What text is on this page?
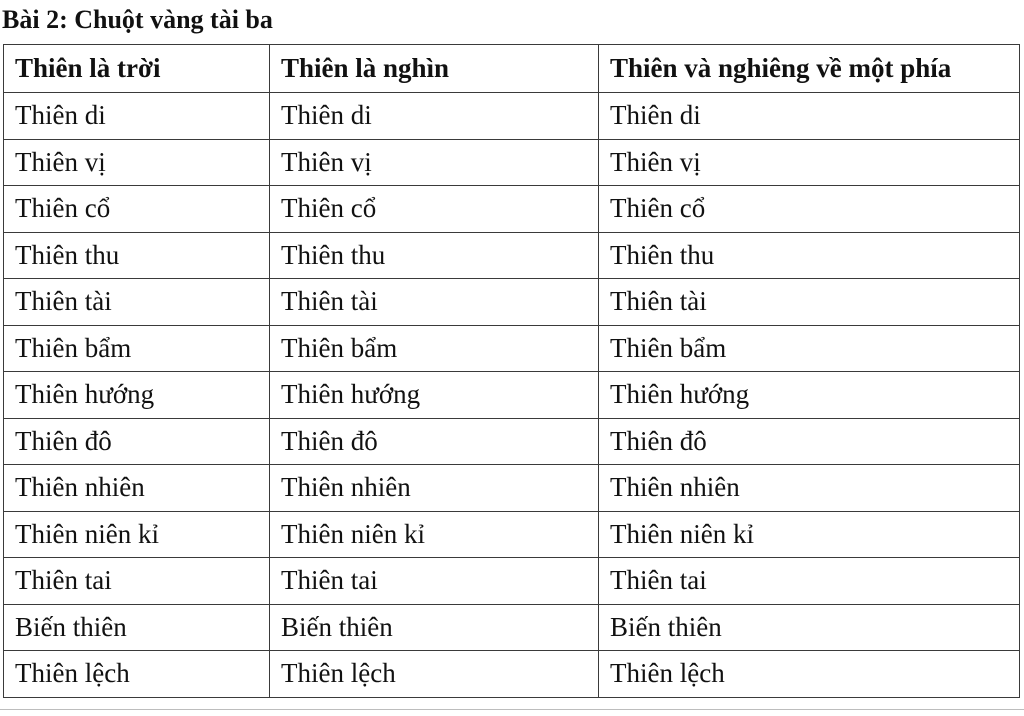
Bài 2: Chuột vàng tài ba
Thiên là trời	Thiên là nghìn	Thiên và nghiêng về một phía
Thiên di	Thiên di	Thiên di
Thiên vị	Thiên vị	Thiên vị
Thiên cổ	Thiên cổ	Thiên cổ
Thiên thu	Thiên thu	Thiên thu
Thiên tài	Thiên tài	Thiên tài
Thiên bẩm	Thiên bẩm	Thiên bẩm
Thiên hướng	Thiên hướng	Thiên hướng
Thiên đô	Thiên đô	Thiên đô
Thiên nhiên	Thiên nhiên	Thiên nhiên
Thiên niên kỉ	Thiên niên kỉ	Thiên niên kỉ
Thiên tai	Thiên tai	Thiên tai
Biến thiên	Biến thiên	Biến thiên
Thiên lệch	Thiên lệch	Thiên lệch
